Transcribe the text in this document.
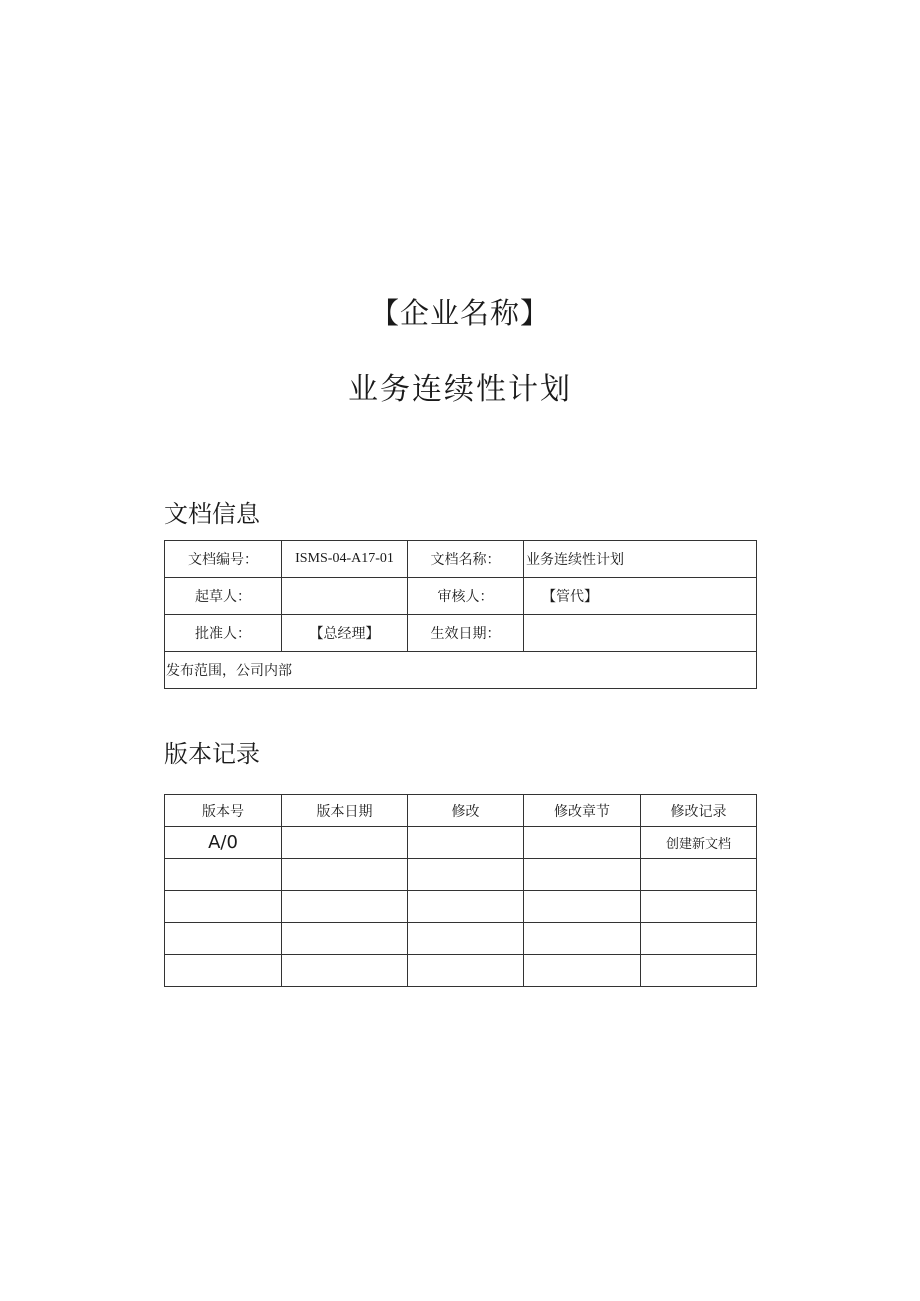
【企业名称】
业务连续性计划
文档信息
文档编号：	ISMS-04-A17-01	文档名称：	业务连续性计划
起草人：		审核人：	【管代】
批准人：	【总经理】	生效日期：	
发布范围，公司内部			
版本记录
版本号	版本日期	修改	修改章节	修改记录
A/0				创建新文档
